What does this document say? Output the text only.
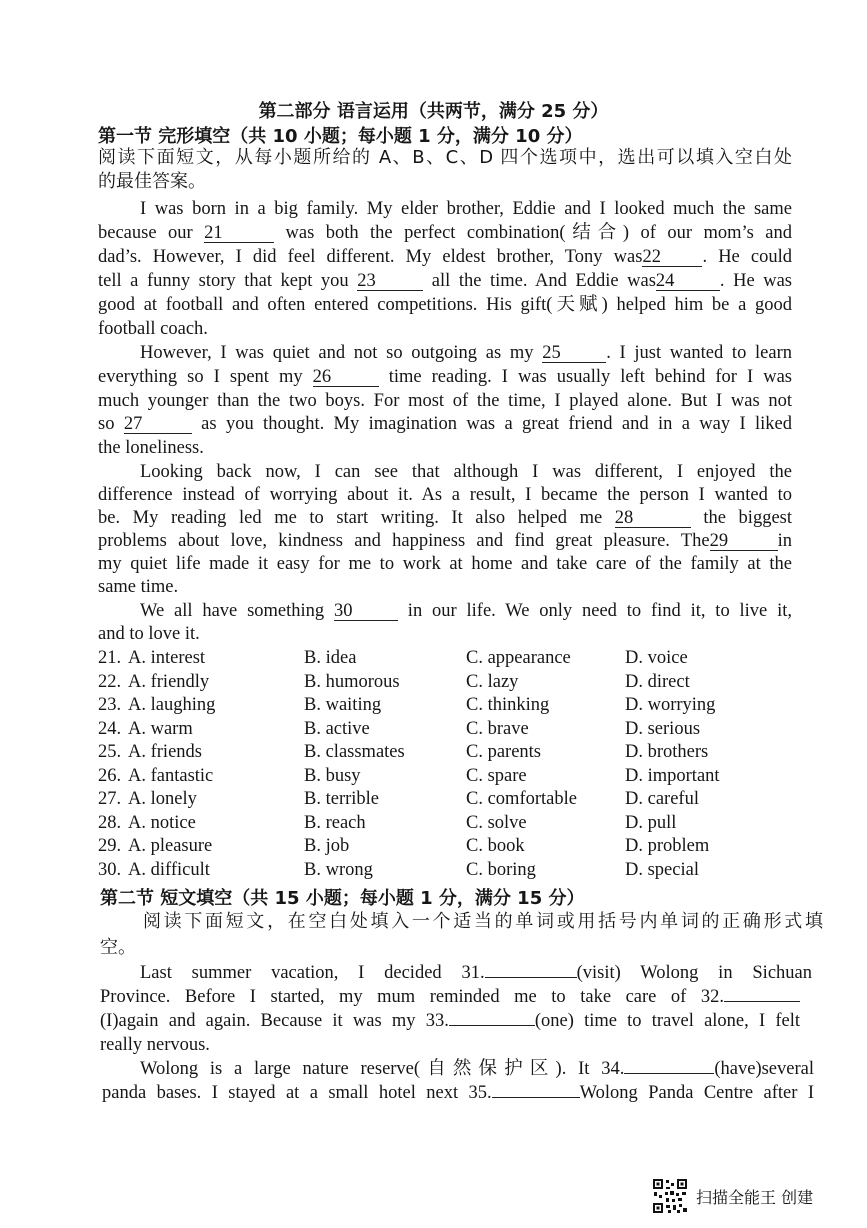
第二部分 语言运用（共两节，满分 25 分）
第一节 完形填空（共 10 小题；每小题 1 分，满分 10 分）
阅读下面短文，从每小题所给的 A、B、C、D 四个选项中，选出可以填入空白处
的最佳答案。
I was born in a big family. My elder brother, Eddie and I looked much the same
because our 21	was both the perfect combination(结合) of our mom’s and
dad’s. However, I did feel different. My eldest brother, Tony was22 . He could
tell a funny story that kept you 23	all the time. And Eddie was24 . He was
good at football and often entered competitions. His gift(天赋) helped him be a good
football coach.
However, I was quiet and not so outgoing as my 25 . I just wanted to learn
everything so I spent my 26	time reading. I was usually left behind for I was
much younger than the two boys. For most of the time, I played alone. But I was not
so 27	as you thought. My imagination was a great friend and in a way I liked
the loneliness.
Looking back now, I can see that although I was different, I enjoyed the
difference instead of worrying about it. As a result, I became the person I wanted to
be. My reading led me to start writing. It also helped me 28	the biggest
problems about love, kindness and happiness and find great pleasure. The29	in
my quiet life made it easy for me to work at home and take care of the family at the
same time.
We all have something 30 in our life. We only need to find it, to live it,
and to love it.
21. A. interest	B. idea	C. appearance	D. voice
22. A. friendly	B. humorous	C. lazy	D. direct
23. A. laughing	B. waiting	C. thinking	D. worrying
24. A. warm	B. active	C. brave	D. serious
25. A. friends	B. classmates	C. parents	D. brothers
26. A. fantastic	B. busy	C. spare	D. important
27. A. lonely	B. terrible	C. comfortable	D. careful
28. A. notice	B. reach	C. solve	D. pull
29. A. pleasure	B. job	C. book	D. problem
30. A. difficult	B. wrong	C. boring	D. special
第二节 短文填空（共 15 小题；每小题 1 分，满分 15 分）
阅读下面短文，在空白处填入一个适当的单词或用括号内单词的正确形式填
空。
Last summer vacation, I decided 31.	(visit) Wolong in Sichuan
Province. Before I started, my mum reminded me to take care of 32.
(I)again and again. Because it was my 33.	(one) time to travel alone, I felt
really nervous.
Wolong is a large nature reserve(自然保护区). It 34.	(have)several
panda bases. I stayed at a small hotel next 35.	Wolong Panda Centre after I
扫描全能王 创建
